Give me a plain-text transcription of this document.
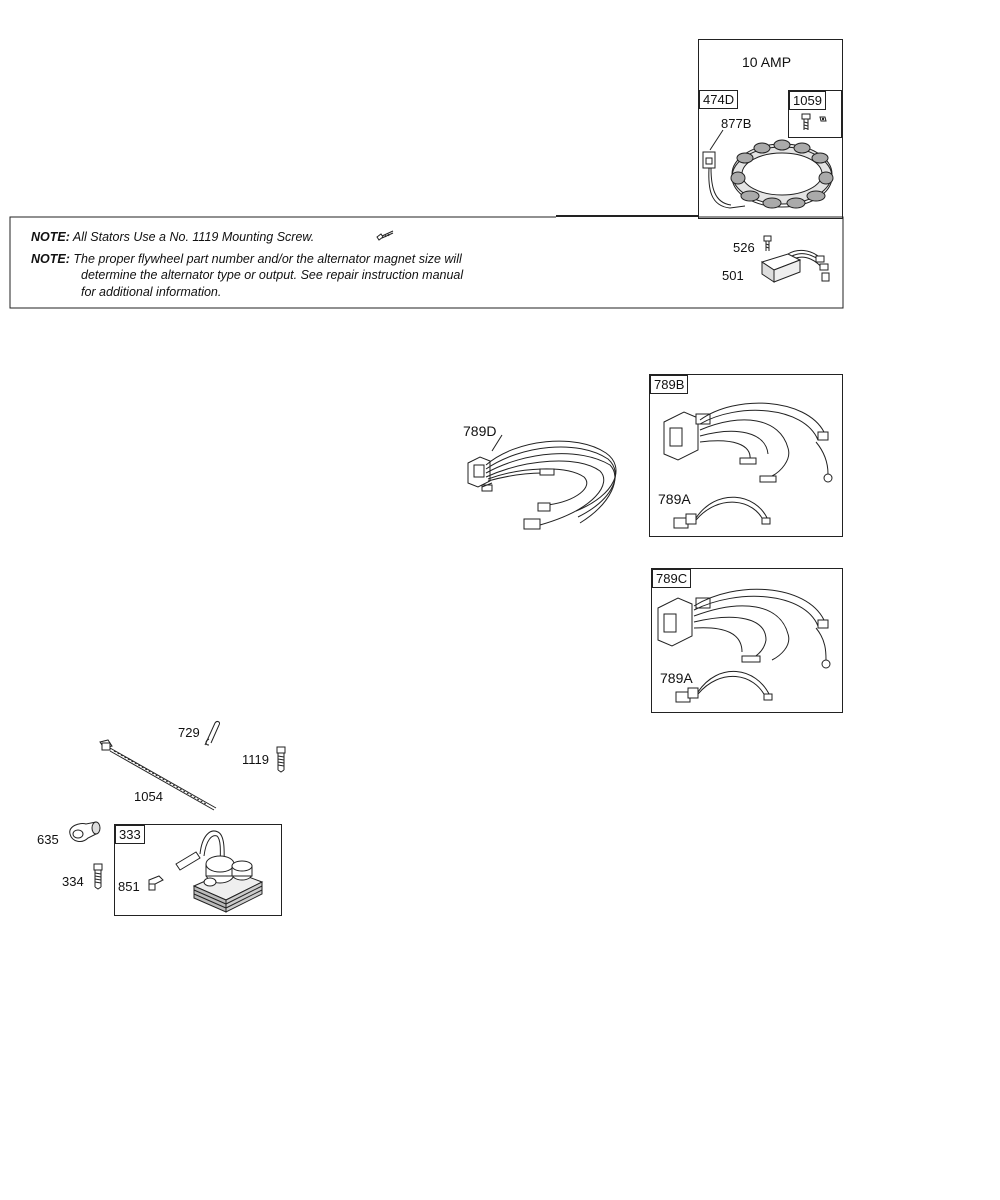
10 AMP
474D	1059
877B
NOTE: All Stators Use a No. 1119 Mounting Screw.
NOTE: The proper flywheel part number and/or the alternator magnet size will
determine the alternator type or output. See repair instruction manual
for additional information.
526
501
789D
789B
789A
789C
789A
729
1119
1054
635
334
333
851
